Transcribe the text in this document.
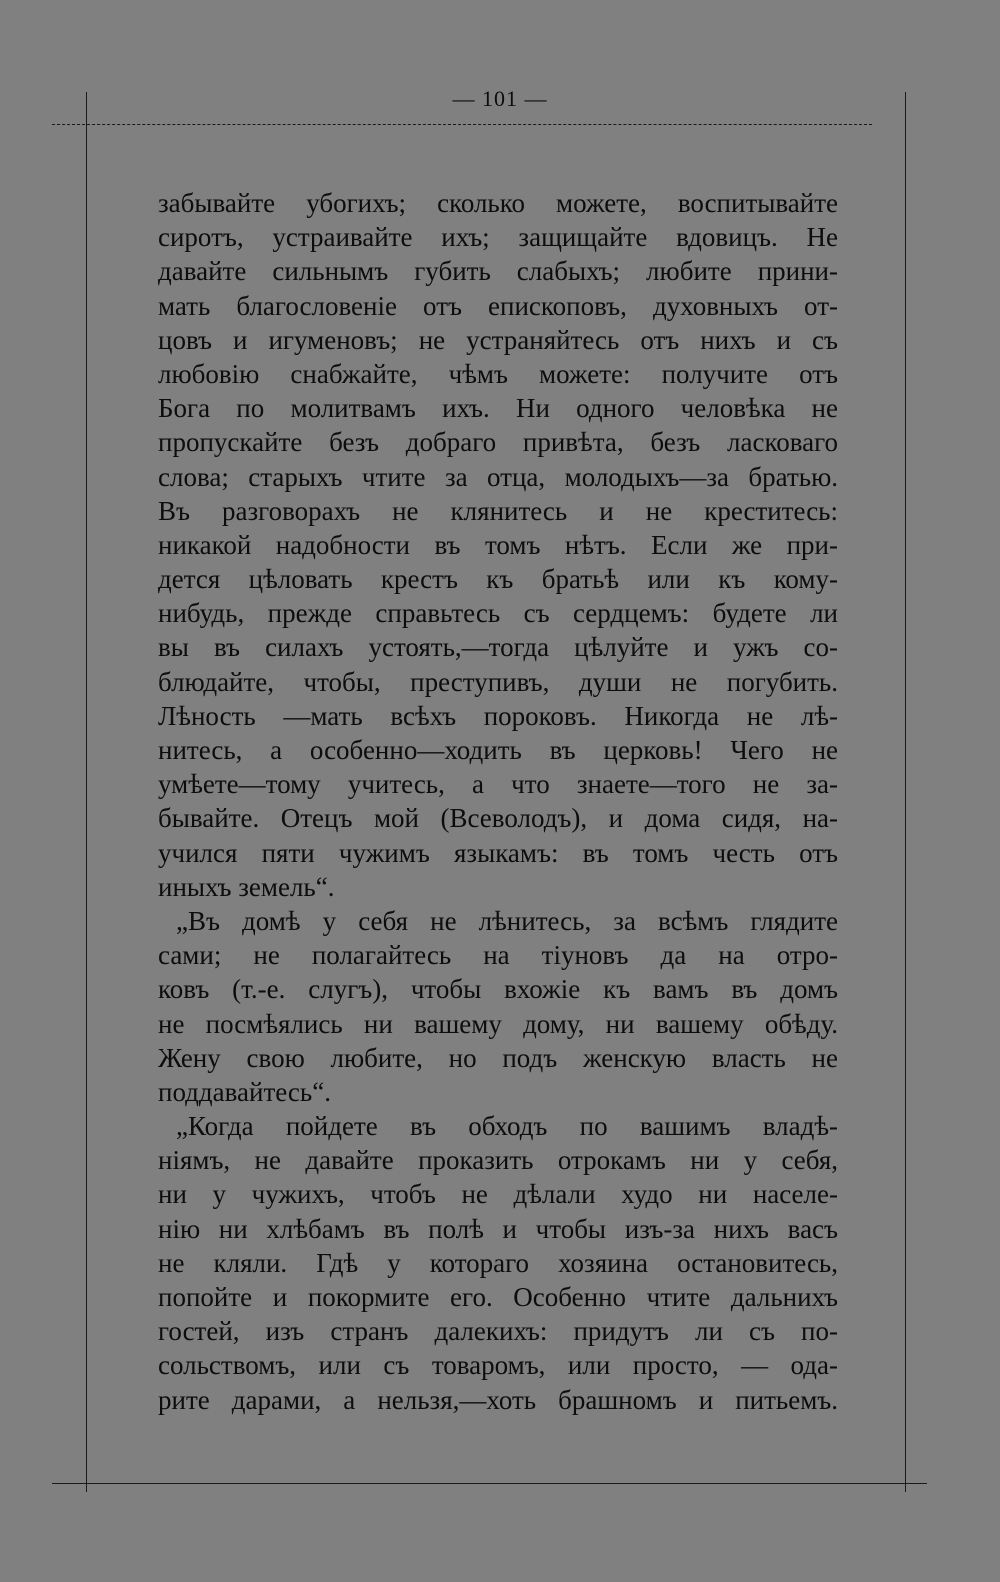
— 101 —
забывайте убогихъ; сколько можете, воспитывайте
сиротъ, устраивайте ихъ; защищайте вдовицъ. Не
давайте сильнымъ губить слабыхъ; любите прини-
мать благословеніе отъ епископовъ, духовныхъ от-
цовъ и игуменовъ; не устраняйтесь отъ нихъ и съ
любовію снабжайте, чѣмъ можете: получите отъ
Бога по молитвамъ ихъ. Ни одного человѣка не
пропускайте безъ добраго привѣта, безъ ласковаго
слова; старыхъ чтите за отца, молодыхъ—за братью.
Въ разговорахъ не клянитесь и не креститесь:
никакой надобности въ томъ нѣтъ. Если же при-
дется цѣловать крестъ къ братьѣ или къ кому-
нибудь, прежде справьтесь съ сердцемъ: будете ли
вы въ силахъ устоять,—тогда цѣлуйте и ужъ со-
блюдайте, чтобы, преступивъ, души не погубить.
Лѣность —мать всѣхъ пороковъ. Никогда не лѣ-
нитесь, а особенно—ходить въ церковь! Чего не
умѣете—тому учитесь, а что знаете—того не за-
бывайте. Отецъ мой (Всеволодъ), и дома сидя, на-
учился пяти чужимъ языкамъ: въ томъ честь отъ
иныхъ земель“.
„Въ домѣ у себя не лѣнитесь, за всѣмъ глядите
сами; не полагайтесь на тіуновъ да на отро-
ковъ (т.-е. слугъ), чтобы вхожіе къ вамъ въ домъ
не посмѣялись ни вашему дому, ни вашему обѣду.
Жену свою любите, но подъ женскую власть не
поддавайтесь“.
„Когда пойдете въ обходъ по вашимъ владѣ-
ніямъ, не давайте проказить отрокамъ ни у себя,
ни у чужихъ, чтобъ не дѣлали худо ни населе-
нію ни хлѣбамъ въ полѣ и чтобы изъ-за нихъ васъ
не кляли. Гдѣ у котораго хозяина остановитесь,
попойте и покормите его. Особенно чтите дальнихъ
гостей, изъ странъ далекихъ: придутъ ли съ по-
сольствомъ, или съ товаромъ, или просто, — ода-
рите дарами, а нельзя,—хоть брашномъ и питьемъ.
